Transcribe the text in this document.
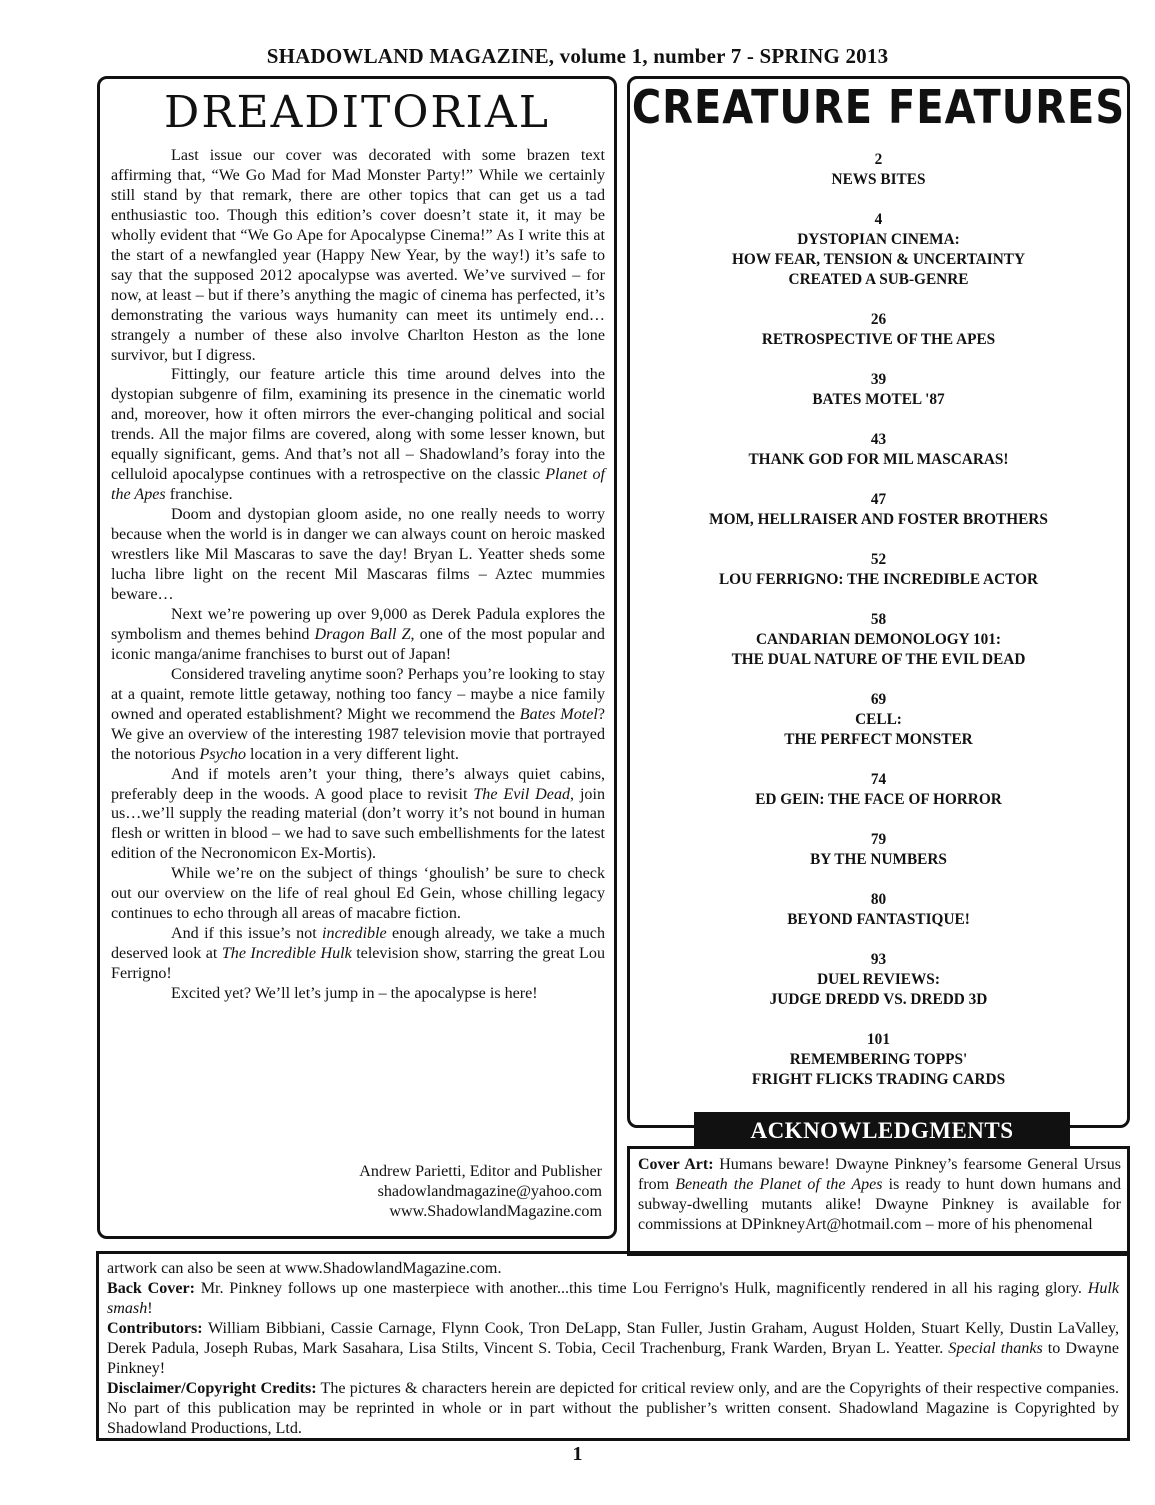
SHADOWLAND MAGAZINE, volume 1, number 7 - SPRING 2013
DREADITORIAL

Last issue our cover was decorated with some brazen text affirming that, “We Go Mad for Mad Monster Party!” While we certainly still stand by that remark, there are other topics that can get us a tad enthusiastic too. Though this edition’s cover doesn’t state it, it may be wholly evident that “We Go Ape for Apocalypse Cinema!” As I write this at the start of a newfangled year (Happy New Year, by the way!) it’s safe to say that the supposed 2012 apocalypse was averted. We’ve survived – for now, at least – but if there’s anything the magic of cinema has perfected, it’s demonstrating the various ways humanity can meet its untimely end…strangely a number of these also involve Charlton Heston as the lone survivor, but I digress.

Fittingly, our feature article this time around delves into the dystopian subgenre of film, examining its presence in the cinematic world and, moreover, how it often mirrors the ever-changing political and social trends. All the major films are covered, along with some lesser known, but equally significant, gems. And that’s not all – Shadowland’s foray into the celluloid apocalypse continues with a retrospective on the classic Planet of the Apes franchise.

Doom and dystopian gloom aside, no one really needs to worry because when the world is in danger we can always count on heroic masked wrestlers like Mil Mascaras to save the day! Bryan L. Yeatter sheds some lucha libre light on the recent Mil Mascaras films – Aztec mummies beware…

Next we’re powering up over 9,000 as Derek Padula explores the symbolism and themes behind Dragon Ball Z, one of the most popular and iconic manga/anime franchises to burst out of Japan!

Considered traveling anytime soon? Perhaps you’re looking to stay at a quaint, remote little getaway, nothing too fancy – maybe a nice family owned and operated establishment? Might we recommend the Bates Motel? We give an overview of the interesting 1987 television movie that portrayed the notorious Psycho location in a very different light.

And if motels aren’t your thing, there’s always quiet cabins, preferably deep in the woods. A good place to revisit The Evil Dead, join us…we’ll supply the reading material (don’t worry it’s not bound in human flesh or written in blood – we had to save such embellishments for the latest edition of the Necronomicon Ex-Mortis).

While we’re on the subject of things ‘ghoulish’ be sure to check out our overview on the life of real ghoul Ed Gein, whose chilling legacy continues to echo through all areas of macabre fiction.

And if this issue’s not incredible enough already, we take a much deserved look at The Incredible Hulk television show, starring the great Lou Ferrigno!

Excited yet? We’ll let’s jump in – the apocalypse is here!

Andrew Parietti, Editor and Publisher
shadowlandmagazine@yahoo.com
www.ShadowlandMagazine.com
CREATURE FEATURES
2
NEWS BITES
4
DYSTOPIAN CINEMA:
HOW FEAR, TENSION & UNCERTAINTY
CREATED A SUB-GENRE
26
RETROSPECTIVE OF THE APES
39
BATES MOTEL '87
43
THANK GOD FOR MIL MASCARAS!
47
MOM, HELLRAISER AND FOSTER BROTHERS
52
LOU FERRIGNO: THE INCREDIBLE ACTOR
58
CANDARIAN DEMONOLOGY 101:
THE DUAL NATURE OF THE EVIL DEAD
69
CELL:
THE PERFECT MONSTER
74
ED GEIN: THE FACE OF HORROR
79
BY THE NUMBERS
80
BEYOND FANTASTIQUE!
93
DUEL REVIEWS:
JUDGE DREDD VS. DREDD 3D
101
REMEMBERING TOPPS'
FRIGHT FLICKS TRADING CARDS
ACKNOWLEDGMENTS
Cover Art: Humans beware! Dwayne Pinkney’s fearsome General Ursus from Beneath the Planet of the Apes is ready to hunt down humans and subway-dwelling mutants alike! Dwayne Pinkney is available for commissions at DPinkneyArt@hotmail.com – more of his phenomenal

artwork can also be seen at www.ShadowlandMagazine.com.

Back Cover: Mr. Pinkney follows up one masterpiece with another...this time Lou Ferrigno's Hulk, magnificently rendered in all his raging glory. Hulk smash!

Contributors: William Bibbiani, Cassie Carnage, Flynn Cook, Tron DeLapp, Stan Fuller, Justin Graham, August Holden, Stuart Kelly, Dustin LaValley, Derek Padula, Joseph Rubas, Mark Sasahara, Lisa Stilts, Vincent S. Tobia, Cecil Trachenburg, Frank Warden, Bryan L. Yeatter. Special thanks to Dwayne Pinkney!

Disclaimer/Copyright Credits: The pictures & characters herein are depicted for critical review only, and are the Copyrights of their respective companies. No part of this publication may be reprinted in whole or in part without the publisher’s written consent. Shadowland Magazine is Copyrighted by Shadowland Productions, Ltd.

1
